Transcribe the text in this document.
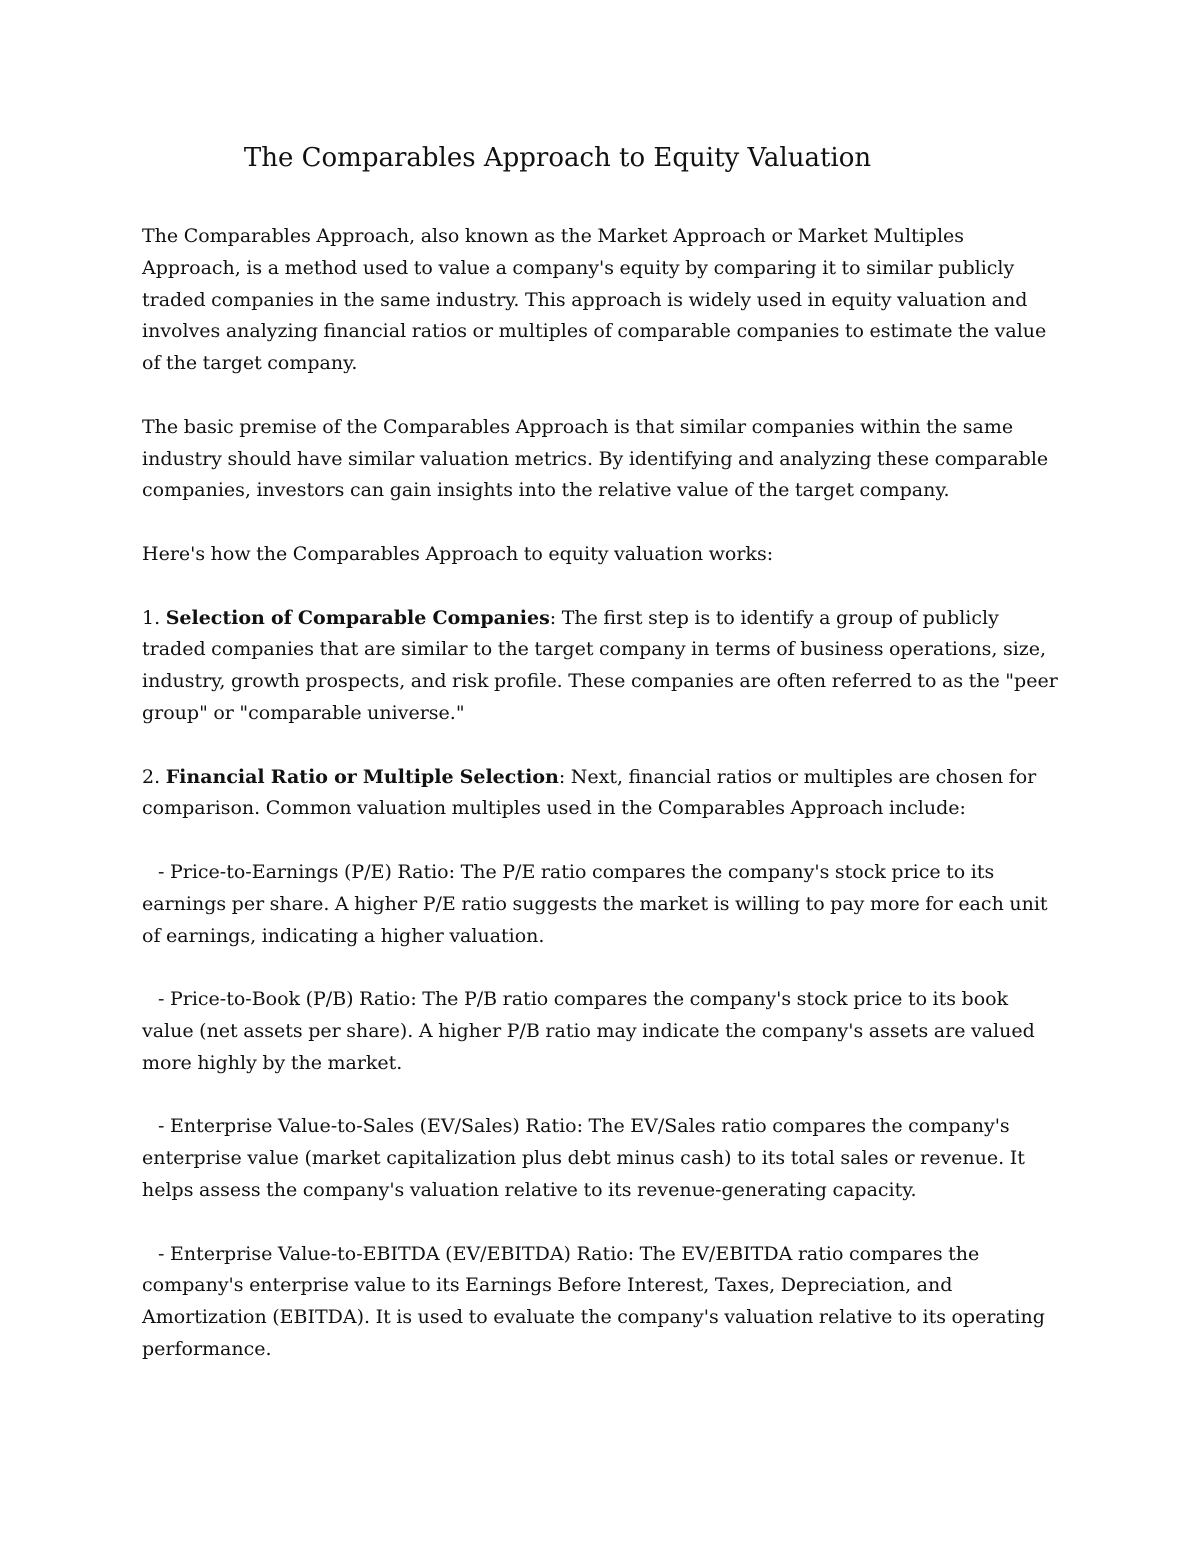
The Comparables Approach to Equity Valuation

The Comparables Approach, also known as the Market Approach or Market Multiples Approach, is a method used to value a company's equity by comparing it to similar publicly traded companies in the same industry. This approach is widely used in equity valuation and involves analyzing financial ratios or multiples of comparable companies to estimate the value of the target company.

The basic premise of the Comparables Approach is that similar companies within the same industry should have similar valuation metrics. By identifying and analyzing these comparable companies, investors can gain insights into the relative value of the target company.

Here's how the Comparables Approach to equity valuation works:

1. Selection of Comparable Companies: The first step is to identify a group of publicly traded companies that are similar to the target company in terms of business operations, size, industry, growth prospects, and risk profile. These companies are often referred to as the "peer group" or "comparable universe."

2. Financial Ratio or Multiple Selection: Next, financial ratios or multiples are chosen for comparison. Common valuation multiples used in the Comparables Approach include:

- Price-to-Earnings (P/E) Ratio: The P/E ratio compares the company's stock price to its earnings per share. A higher P/E ratio suggests the market is willing to pay more for each unit of earnings, indicating a higher valuation.

- Price-to-Book (P/B) Ratio: The P/B ratio compares the company's stock price to its book value (net assets per share). A higher P/B ratio may indicate the company's assets are valued more highly by the market.

- Enterprise Value-to-Sales (EV/Sales) Ratio: The EV/Sales ratio compares the company's enterprise value (market capitalization plus debt minus cash) to its total sales or revenue. It helps assess the company's valuation relative to its revenue-generating capacity.

- Enterprise Value-to-EBITDA (EV/EBITDA) Ratio: The EV/EBITDA ratio compares the company's enterprise value to its Earnings Before Interest, Taxes, Depreciation, and Amortization (EBITDA). It is used to evaluate the company's valuation relative to its operating performance.
